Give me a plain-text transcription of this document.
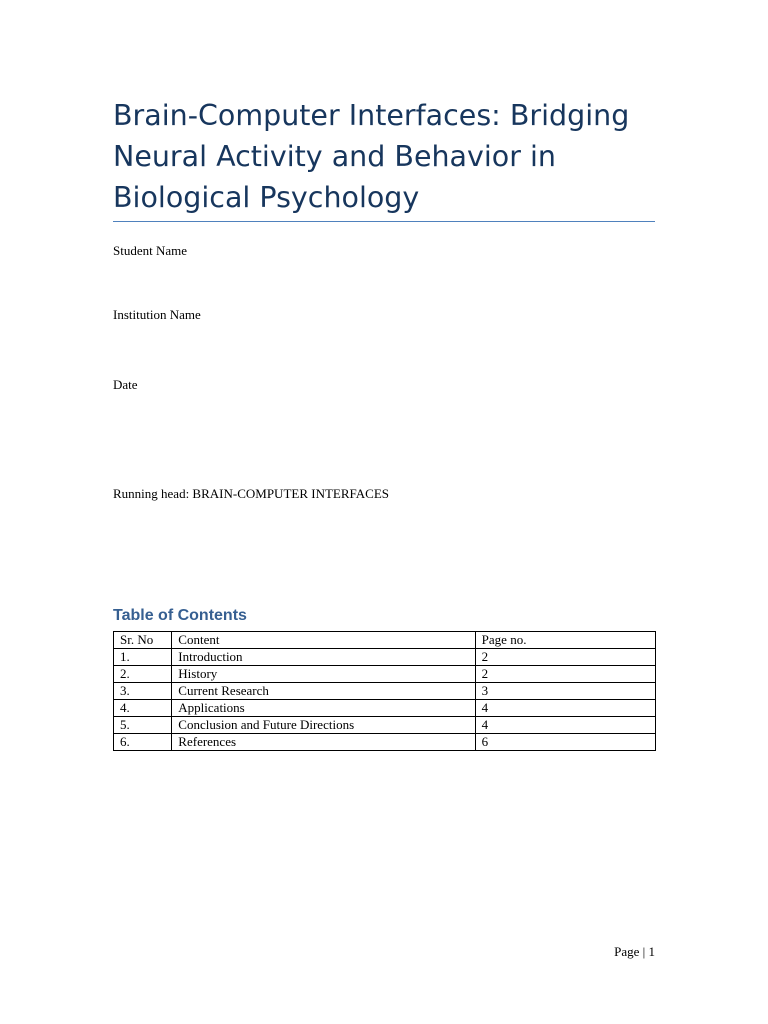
Brain-Computer Interfaces: Bridging Neural Activity and Behavior in Biological Psychology
Student Name
Institution Name
Date
Running head: BRAIN-COMPUTER INTERFACES
Table of Contents
Sr. No	Content	Page no.
1.	Introduction	2
2.	History	2
3.	Current Research	3
4.	Applications	4
5.	Conclusion and Future Directions	4
6.	References	6
Page | 1
